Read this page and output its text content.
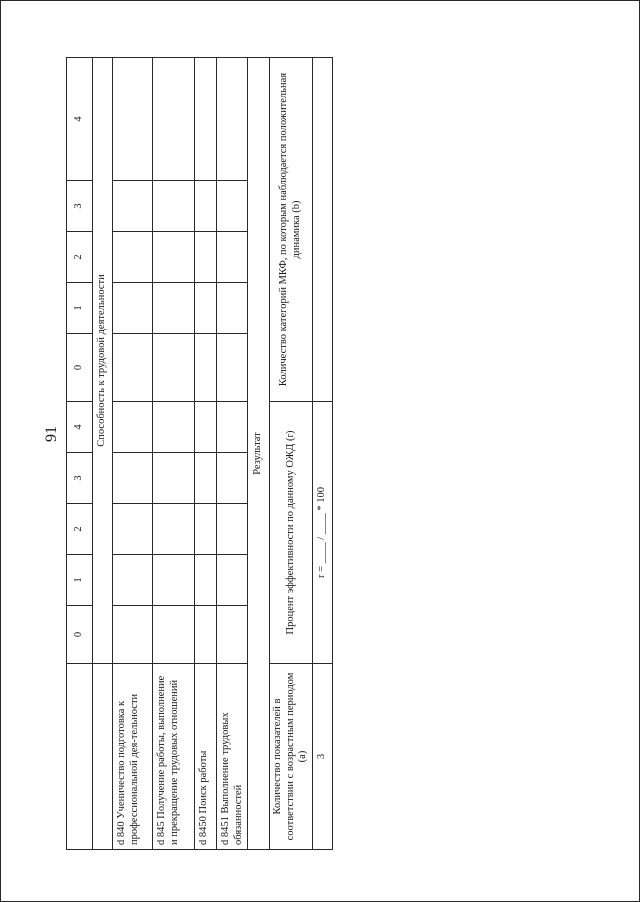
91
	0	1	2	3	4	0	1	2	3	4
	Способность к трудовой деятельности									
d 840 Ученичество подготовка к профессиональной дея-тельности										
d 845 Получение работы, выполнение и прекращение трудовых отношений										
d 8450 Поиск работы										
d 8451 Выполнение трудовых обязанностей										
Результат										
Количество показателей в соответствии с возрастным периодом (а)	Процент эффективности по данному ОЖД (r)					Количество категорий МКФ, по которым наблюдается положительная динамика (b)				
3	r = ____ / ____ * 100									
